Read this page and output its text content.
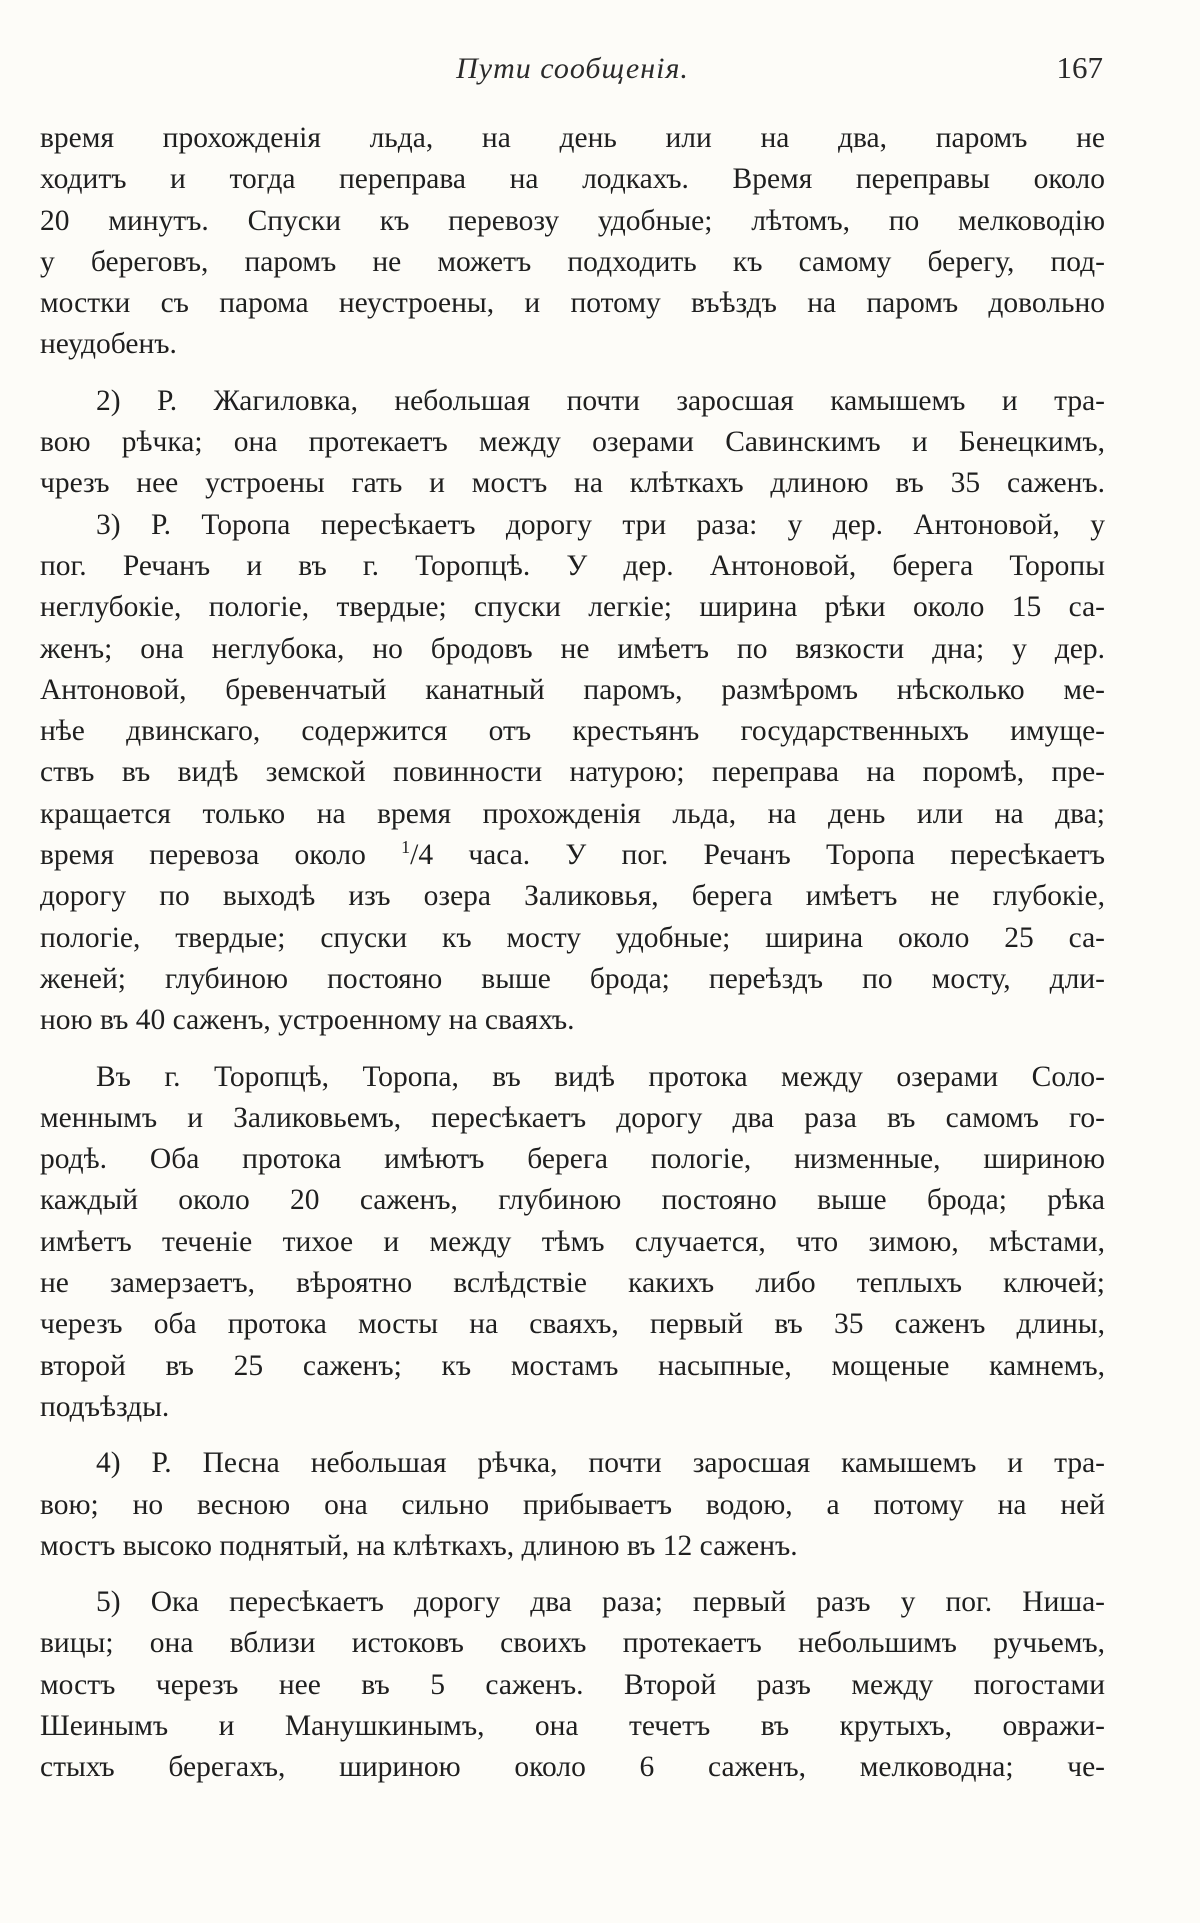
Пути сообщенія.	167

время прохожденія льда, на день или на два, паромъ не

ходитъ и тогда переправа на лодкахъ. Время переправы около

20 минутъ. Спуски къ перевозу удобные; лѣтомъ, по мелководію

у береговъ, паромъ не можетъ подходить къ самому берегу, под-

мостки съ парома неустроены, и потому въѣздъ на паромъ довольно

неудобенъ.

2) Р. Жагиловка, небольшая почти заросшая камышемъ и тра-

вою рѣчка; она протекаетъ между озерами Савинскимъ и Бенецкимъ,

чрезъ нее устроены гать и мостъ на клѣткахъ длиною въ 35 саженъ.

3) Р. Торопа пересѣкаетъ дорогу три раза: у дер. Антоновой, у

пог. Речанъ и въ г. Торопцѣ. У дер. Антоновой, берега Торопы

неглубокіе, пологіе, твердые; спуски легкіе; ширина рѣки около 15 са-

женъ; она неглубока, но бродовъ не имѣетъ по вязкости дна; у дер.

Антоновой, бревенчатый канатный паромъ, размѣромъ нѣсколько ме-

нѣе двинскаго, содержится отъ крестьянъ государственныхъ имуще-

ствъ въ видѣ земской повинности натурою; переправа на поромѣ, пре-

кращается только на время прохожденія льда, на день или на два;

время перевоза около $^1$/4 часа. У пог. Речанъ Торопа пересѣкаетъ

дорогу по выходѣ изъ озера Заликовья, берега имѣетъ не глубокіе,

пологіе, твердые; спуски къ мосту удобные; ширина около 25 са-

женей; глубиною постояно выше брода; переѣздъ по мосту, дли-

ною въ 40 саженъ, устроенному на сваяхъ.

Въ г. Торопцѣ, Торопа, въ видѣ протока между озерами Соло-

меннымъ и Заликовьемъ, пересѣкаетъ дорогу два раза въ самомъ го-

родѣ. Оба протока имѣютъ берега пологіе, низменные, шириною

каждый около 20 саженъ, глубиною постояно выше брода; рѣка

имѣетъ теченіе тихое и между тѣмъ случается, что зимою, мѣстами,

не замерзаетъ, вѣроятно вслѣдствіе какихъ либо теплыхъ ключей;

черезъ оба протока мосты на сваяхъ, первый въ 35 саженъ длины,

второй въ 25 саженъ; къ мостамъ насыпные, мощеные камнемъ,

подъѣзды.

4) Р. Песна небольшая рѣчка, почти заросшая камышемъ и тра-

вою; но весною она сильно прибываетъ водою, а потому на ней

мостъ высоко поднятый, на клѣткахъ, длиною въ 12 саженъ.

5) Ока пересѣкаетъ дорогу два раза; первый разъ у пог. Ниша-

вицы; она вблизи истоковъ своихъ протекаетъ небольшимъ ручьемъ,

мостъ черезъ нее въ 5 саженъ. Второй разъ между погостами

Шеинымъ и Манушкинымъ, она течетъ въ крутыхъ, овражи-

стыхъ берегахъ, шириною около 6 саженъ, мелководна; че-
